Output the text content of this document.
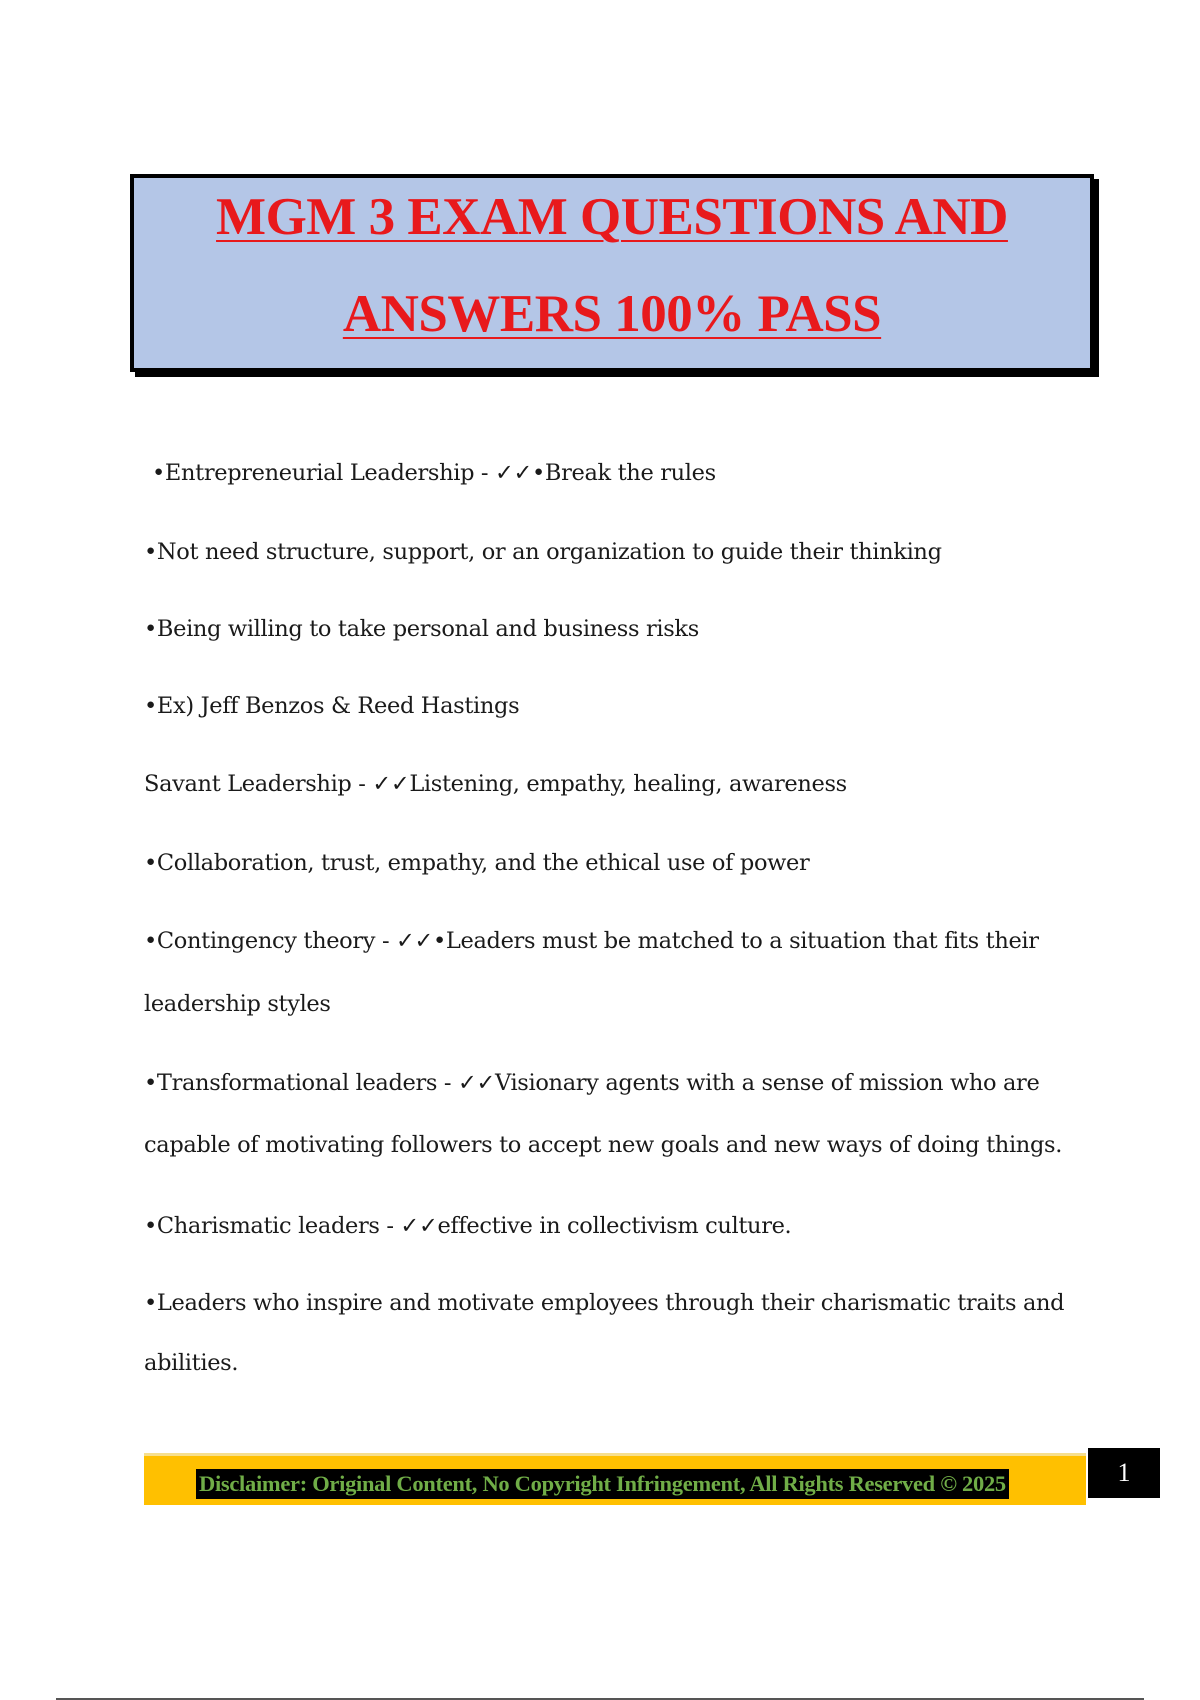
MGM 3 EXAM QUESTIONS AND
ANSWERS 100% PASS
•Entrepreneurial Leadership - ✓✓•Break the rules
•Not need structure, support, or an organization to guide their thinking
•Being willing to take personal and business risks
•Ex) Jeff Benzos & Reed Hastings
Savant Leadership - ✓✓Listening, empathy, healing, awareness
•Collaboration, trust, empathy, and the ethical use of power
•Contingency theory - ✓✓•Leaders must be matched to a situation that fits their
leadership styles
•Transformational leaders - ✓✓Visionary agents with a sense of mission who are
capable of motivating followers to accept new goals and new ways of doing things.
•Charismatic leaders - ✓✓effective in collectivism culture.
•Leaders who inspire and motivate employees through their charismatic traits and
abilities.
Disclaimer: Original Content, No Copyright Infringement, All Rights Reserved © 2025	1
